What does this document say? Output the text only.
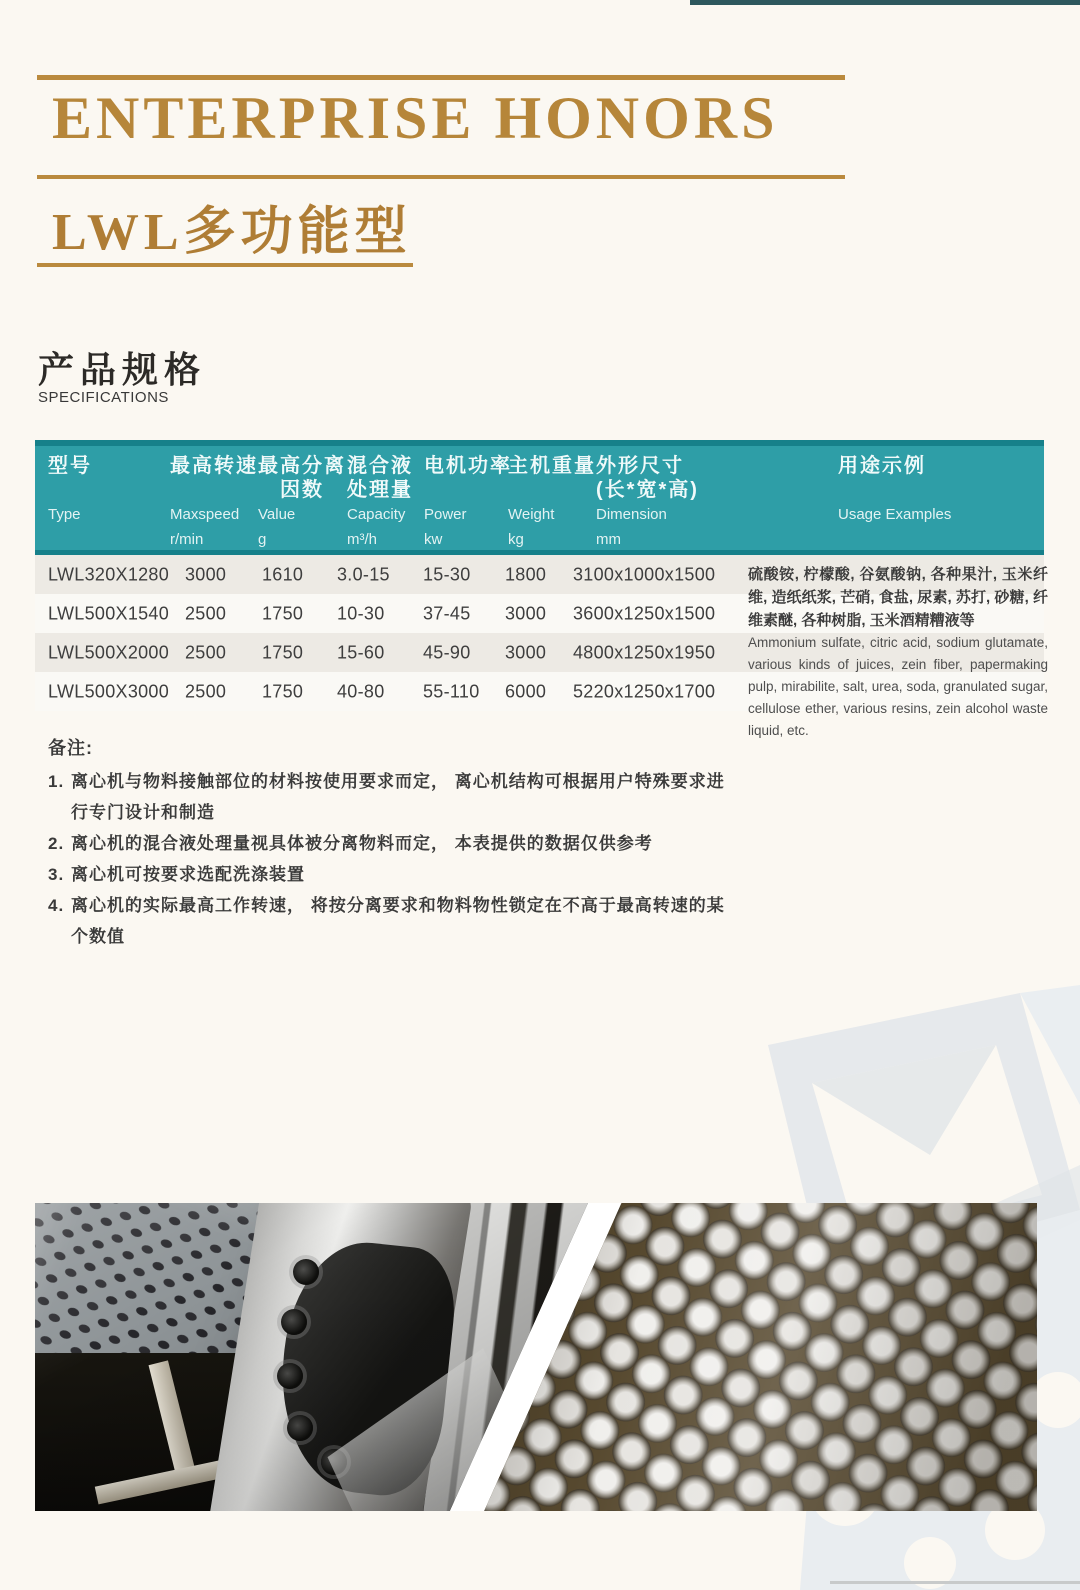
ENTERPRISE HONORS
LWL多功能型
产品规格
SPECIFICATIONS
型号
Type
最高转速
Maxspeed
r/min
最高分离
因数
Value
g
混合液
处理量
Capacity
m³/h
电机功率
Power
kw
主机重量
Weight
kg
外形尺寸
(长*宽*高)
Dimension
mm
用途示例
Usage Examples
LWL320X1280 3000 1610 3.0-15 15-30 1800 3100x1000x1500
LWL500X1540 2500 1750 10-30 37-45 3000 3600x1250x1500
LWL500X2000 2500 1750 15-60 45-90 3000 4800x1250x1950
LWL500X3000 2500 1750 40-80 55-110 6000 5220x1250x1700
硫酸铵, 柠檬酸, 谷氨酸钠, 各种果汁, 玉米纤维, 造纸纸浆, 芒硝, 食盐, 尿素, 苏打, 砂糖, 纤维素醚, 各种树脂, 玉米酒精糟液等
Ammonium sulfate, citric acid, sodium glutamate, various kinds of juices, zein fiber, papermaking pulp, mirabilite, salt, urea, soda, granulated sugar, cellulose ether, various resins, zein alcohol waste liquid, etc.
备注:
1. 离心机与物料接触部位的材料按使用要求而定， 离心机结构可根据用户特殊要求进行专门设计和制造
2. 离心机的混合液处理量视具体被分离物料而定， 本表提供的数据仅供参考
3. 离心机可按要求选配洗涤装置
4. 离心机的实际最高工作转速， 将按分离要求和物料物性锁定在不高于最高转速的某个数值
